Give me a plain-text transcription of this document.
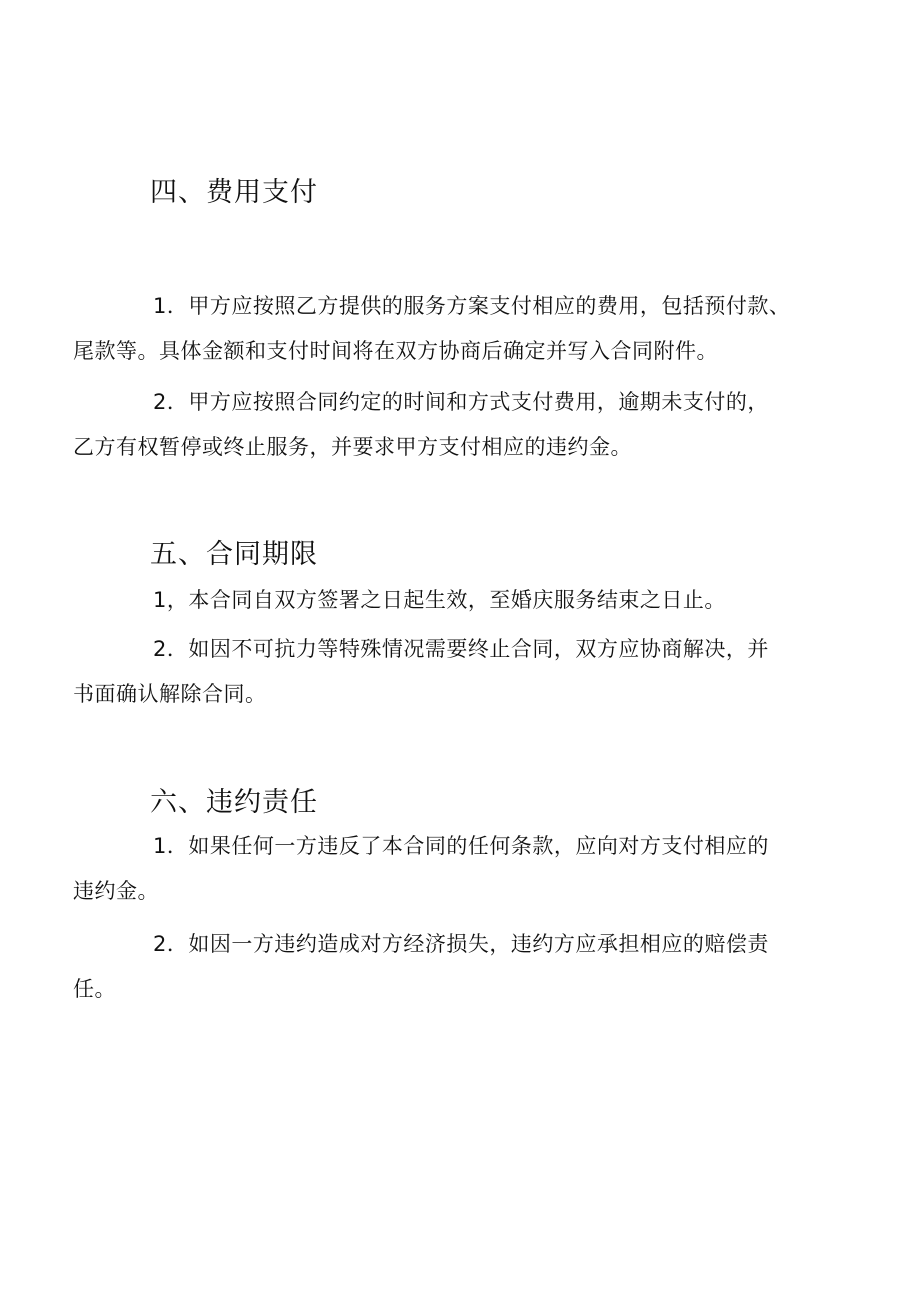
四、费用支付
1．甲方应按照乙方提供的服务方案支付相应的费用，包括预付款、
尾款等。具体金额和支付时间将在双方协商后确定并写入合同附件。
2．甲方应按照合同约定的时间和方式支付费用，逾期未支付的，
乙方有权暂停或终止服务，并要求甲方支付相应的违约金。
五、合同期限
1，本合同自双方签署之日起生效，至婚庆服务结束之日止。
2．如因不可抗力等特殊情况需要终止合同，双方应协商解决，并
书面确认解除合同。
六、违约责任
1．如果任何一方违反了本合同的任何条款，应向对方支付相应的
违约金。
2．如因一方违约造成对方经济损失，违约方应承担相应的赔偿责
任。
